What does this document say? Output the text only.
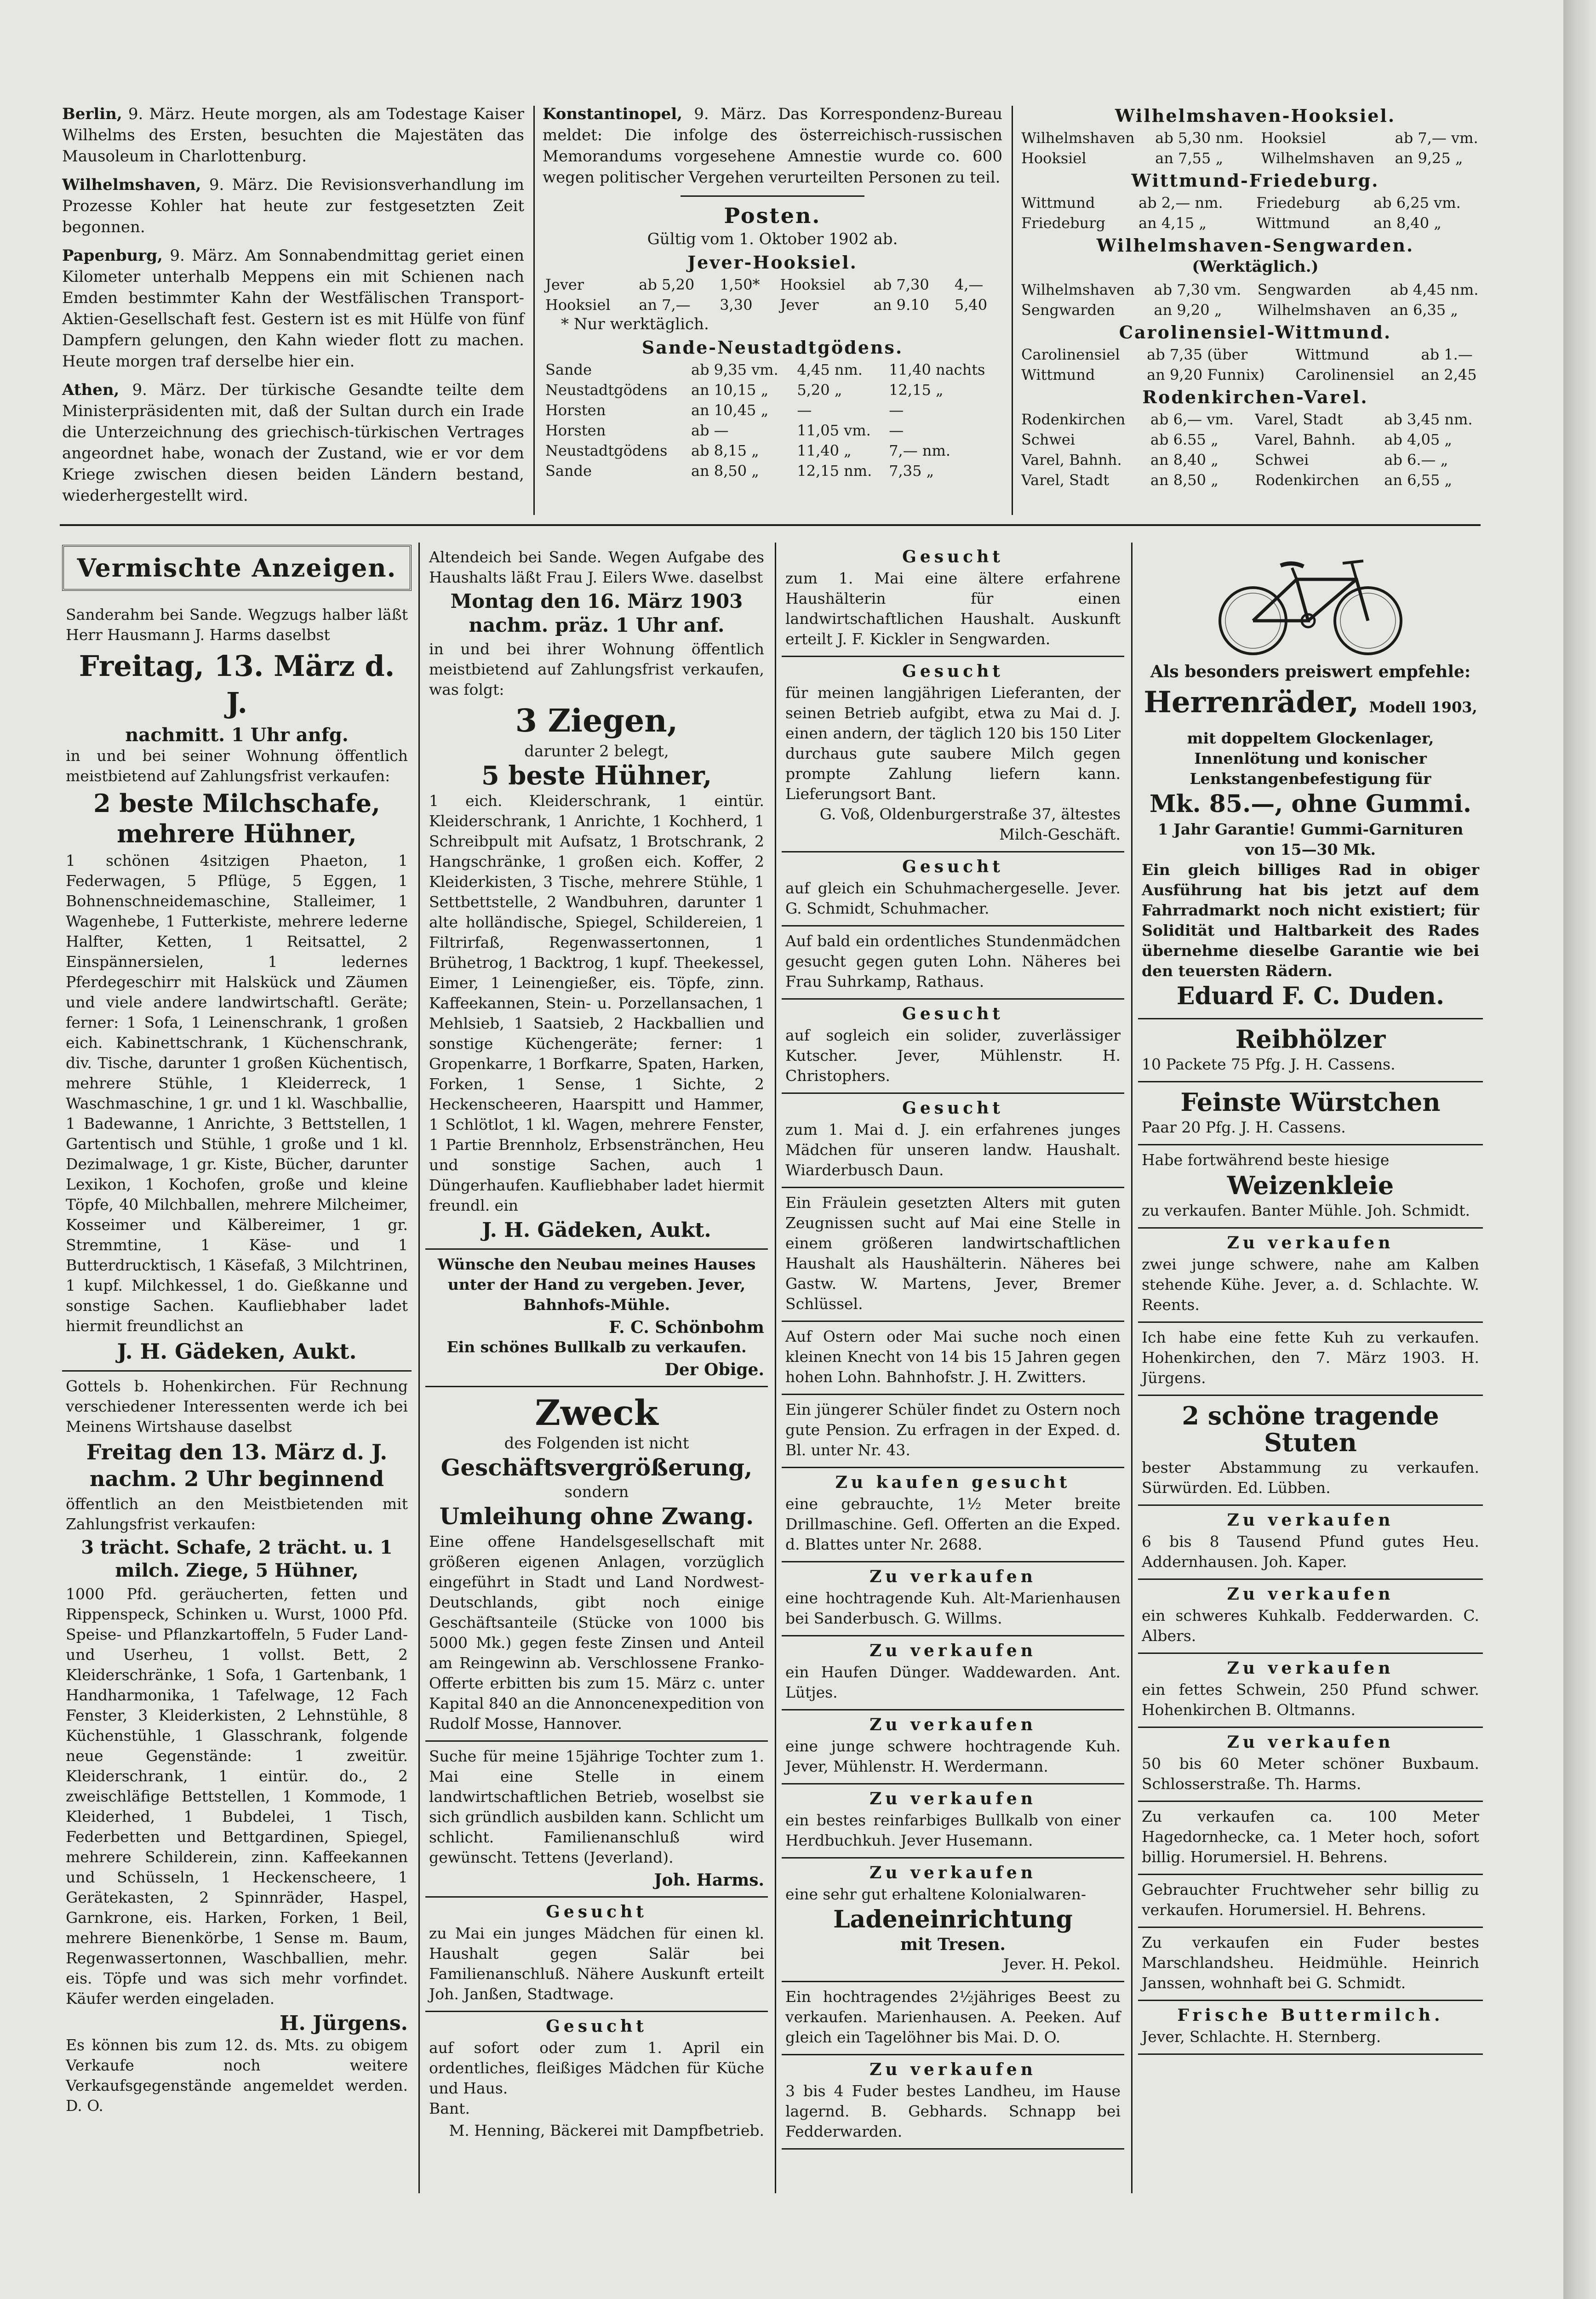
Berlin, 9. März. Heute morgen, als am Todestage Kaiser Wilhelms des Ersten, besuchten die Majestäten das Mausoleum in Charlottenburg.

Wilhelmshaven, 9. März. Die Revisionsverhandlung im Prozesse Kohler hat heute zur festgesetzten Zeit begonnen.

Papenburg, 9. März. Am Sonnabendmittag geriet einen Kilometer unterhalb Meppens ein mit Schienen nach Emden bestimmter Kahn der Westfälischen Transport-Aktien-Gesellschaft fest. Gestern ist es mit Hülfe von fünf Dampfern gelungen, den Kahn wieder flott zu machen. Heute morgen traf derselbe hier ein.

Athen, 9. März. Der türkische Gesandte teilte dem Ministerpräsidenten mit, daß der Sultan durch ein Irade die Unterzeichnung des griechisch-türkischen Vertrages angeordnet habe, wonach der Zustand, wie er vor dem Kriege zwischen diesen beiden Ländern bestand, wiederhergestellt wird.

Konstantinopel, 9. März. Das Korrespondenz-Bureau meldet: Die infolge des österreichisch-russischen Memorandums vorgesehene Amnestie wurde co. 600 wegen politischer Vergehen verurteilten Personen zu teil.

Posten.
Gültig vom 1. Oktober 1902 ab.
Jever-Hooksiel.
Jever	ab 5,20	1,50*	Hooksiel	ab 7,30	4,—
Hooksiel	an 7,—	3,30	Jever	an 9.10	5,40
* Nur werktäglich.
Sande-Neustadtgödens.
Sande	ab 9,35 vm.	4,45 nm.	11,40 nachts
Neustadtgödens	an 10,15 „	5,20 „	12,15 „
Horsten	an 10,45 „	—	—
Horsten	ab —	11,05 vm.	—
Neustadtgödens	ab 8,15 „	11,40 „	7,— nm.
Sande	an 8,50 „	12,15 nm.	7,35 „
Wilhelmshaven-Hooksiel.
Wilhelmshaven	ab 5,30 nm.	Hooksiel	ab 7,— vm.
Hooksiel	an 7,55 „	Wilhelmshaven	an 9,25 „
Wittmund-Friedeburg.
Wittmund	ab 2,— nm.	Friedeburg	ab 6,25 vm.
Friedeburg	an 4,15 „	Wittmund	an 8,40 „
Wilhelmshaven-Sengwarden.
(Werktäglich.)
Wilhelmshaven	ab 7,30 vm.	Sengwarden	ab 4,45 nm.
Sengwarden	an 9,20 „	Wilhelmshaven	an 6,35 „
Carolinensiel-Wittmund.
Carolinensiel	ab 7,35 (über	Wittmund	ab 1.—
Wittmund	an 9,20 Funnix)	Carolinensiel	an 2,45
Rodenkirchen-Varel.
Rodenkirchen	ab 6,— vm.	Varel, Stadt	ab 3,45 nm.
Schwei	ab 6.55 „	Varel, Bahnh.	ab 4,05 „
Varel, Bahnh.	an 8,40 „	Schwei	ab 6.— „
Varel, Stadt	an 8,50 „	Rodenkirchen	an 6,55 „
Vermischte Anzeigen.

Sanderahm bei Sande. Wegzugs halber läßt Herr Hausmann J. Harms daselbst

Freitag, 13. März d. J.
nachmitt. 1 Uhr anfg.

in und bei seiner Wohnung öffentlich meistbietend auf Zahlungsfrist verkaufen:

2 beste Milchschafe, mehrere Hühner,

1 schönen 4sitzigen Phaeton, 1 Federwagen, 5 Pflüge, 5 Eggen, 1 Bohnenschneidemaschine, Stalleimer, 1 Wagenhebe, 1 Futterkiste, mehrere lederne Halfter, Ketten, 1 Reitsattel, 2 Einspännersielen, 1 ledernes Pferdegeschirr mit Halskück und Zäumen und viele andere landwirtschaftl. Geräte; ferner: 1 Sofa, 1 Leinenschrank, 1 großen eich. Kabinettschrank, 1 Küchenschrank, div. Tische, darunter 1 großen Küchentisch, mehrere Stühle, 1 Kleiderreck, 1 Waschmaschine, 1 gr. und 1 kl. Waschballie, 1 Badewanne, 1 Anrichte, 3 Bettstellen, 1 Gartentisch und Stühle, 1 große und 1 kl. Dezimalwage, 1 gr. Kiste, Bücher, darunter Lexikon, 1 Kochofen, große und kleine Töpfe, 40 Milchballen, mehrere Milcheimer, Kosseimer und Kälbereimer, 1 gr. Stremmtine, 1 Käse- und 1 Butterdrucktisch, 1 Käsefaß, 3 Milchtrinen, 1 kupf. Milchkessel, 1 do. Gießkanne und sonstige Sachen. Kaufliebhaber ladet hiermit freundlichst an

J. H. Gädeken, Aukt.

Gottels b. Hohenkirchen. Für Rechnung verschiedener Interessenten werde ich bei Meinens Wirtshause daselbst

Freitag den 13. März d. J. nachm. 2 Uhr beginnend

öffentlich an den Meistbietenden mit Zahlungsfrist verkaufen:

3 trächt. Schafe, 2 trächt. u. 1 milch. Ziege, 5 Hühner,

1000 Pfd. geräucherten, fetten und Rippenspeck, Schinken u. Wurst, 1000 Pfd. Speise- und Pflanzkartoffeln, 5 Fuder Land- und Userheu, 1 vollst. Bett, 2 Kleiderschränke, 1 Sofa, 1 Gartenbank, 1 Handharmonika, 1 Tafelwage, 12 Fach Fenster, 3 Kleiderkisten, 2 Lehnstühle, 8 Küchenstühle, 1 Glasschrank, folgende neue Gegenstände: 1 zweitür. Kleiderschrank, 1 eintür. do., 2 zweischläfige Bettstellen, 1 Kommode, 1 Kleiderhed, 1 Bubdelei, 1 Tisch, Federbetten und Bettgardinen, Spiegel, mehrere Schilderein, zinn. Kaffeekannen und Schüsseln, 1 Heckenscheere, 1 Gerätekasten, 2 Spinnräder, Haspel, Garnkrone, eis. Harken, Forken, 1 Beil, mehrere Bienenkörbe, 1 Sense m. Baum, Regenwassertonnen, Waschballien, mehr. eis. Töpfe und was sich mehr vorfindet. Käufer werden eingeladen.

H. Jürgens.

Es können bis zum 12. ds. Mts. zu obigem Verkaufe noch weitere Verkaufsgegenstände angemeldet werden. D. O.

Altendeich bei Sande. Wegen Aufgabe des Haushalts läßt Frau J. Eilers Wwe. daselbst

Montag den 16. März 1903 nachm. präz. 1 Uhr anf.

in und bei ihrer Wohnung öffentlich meistbietend auf Zahlungsfrist verkaufen, was folgt:

3 Ziegen,
darunter 2 belegt,
5 beste Hühner,

1 eich. Kleiderschrank, 1 eintür. Kleiderschrank, 1 Anrichte, 1 Kochherd, 1 Schreibpult mit Aufsatz, 1 Brotschrank, 2 Hangschränke, 1 großen eich. Koffer, 2 Kleiderkisten, 3 Tische, mehrere Stühle, 1 Settbettstelle, 2 Wandbuhren, darunter 1 alte holländische, Spiegel, Schildereien, 1 Filtrirfaß, Regenwassertonnen, 1 Brühetrog, 1 Backtrog, 1 kupf. Theekessel, Eimer, 1 Leinengießer, eis. Töpfe, zinn. Kaffeekannen, Stein- u. Porzellansachen, 1 Mehlsieb, 1 Saatsieb, 2 Hackballien und sonstige Küchengeräte; ferner: 1 Gropenkarre, 1 Borfkarre, Spaten, Harken, Forken, 1 Sense, 1 Sichte, 2 Heckenscheeren, Haarspitt und Hammer, 1 Schlötlot, 1 kl. Wagen, mehrere Fenster, 1 Partie Brennholz, Erbsenstränchen, Heu und sonstige Sachen, auch 1 Düngerhaufen. Kaufliebhaber ladet hiermit freundl. ein

J. H. Gädeken, Aukt.

Wünsche den Neubau meines Hauses unter der Hand zu vergeben. Jever, Bahnhofs-Mühle.

F. C. Schönbohm

Ein schönes Bullkalb zu verkaufen.

Der Obige.
Zweck
des Folgenden ist nicht
Geschäftsvergrößerung,
sondern
Umleihung ohne Zwang.

Eine offene Handelsgesellschaft mit größeren eigenen Anlagen, vorzüglich eingeführt in Stadt und Land Nordwest-Deutschlands, gibt noch einige Geschäftsanteile (Stücke von 1000 bis 5000 Mk.) gegen feste Zinsen und Anteil am Reingewinn ab. Verschlossene Franko-Offerte erbitten bis zum 15. März c. unter Kapital 840 an die Annoncenexpedition von Rudolf Mosse, Hannover.

Suche für meine 15jährige Tochter zum 1. Mai eine Stelle in einem landwirtschaftlichen Betrieb, woselbst sie sich gründlich ausbilden kann. Schlicht um schlicht. Familienanschluß wird gewünscht. Tettens (Jeverland).

Joh. Harms.
Gesucht

zu Mai ein junges Mädchen für einen kl. Haushalt gegen Salär bei Familienanschluß. Nähere Auskunft erteilt Joh. Janßen, Stadtwage.

Gesucht

auf sofort oder zum 1. April ein ordentliches, fleißiges Mädchen für Küche und Haus.

Bant.

M. Henning, Bäckerei mit Dampfbetrieb.
Gesucht

zum 1. Mai eine ältere erfahrene Haushälterin für einen landwirtschaftlichen Haushalt. Auskunft erteilt J. F. Kickler in Sengwarden.

Gesucht

für meinen langjährigen Lieferanten, der seinen Betrieb aufgibt, etwa zu Mai d. J. einen andern, der täglich 120 bis 150 Liter durchaus gute saubere Milch gegen prompte Zahlung liefern kann. Lieferungsort Bant.

G. Voß, Oldenburgerstraße 37, ältestes Milch-Geschäft.

Gesucht

auf gleich ein Schuhmachergeselle. Jever. G. Schmidt, Schuhmacher.

Auf bald ein ordentliches Stundenmädchen gesucht gegen guten Lohn. Näheres bei Frau Suhrkamp, Rathaus.

Gesucht

auf sogleich ein solider, zuverlässiger Kutscher. Jever, Mühlenstr. H. Christophers.

Gesucht

zum 1. Mai d. J. ein erfahrenes junges Mädchen für unseren landw. Haushalt. Wiarderbusch Daun.

Ein Fräulein gesetzten Alters mit guten Zeugnissen sucht auf Mai eine Stelle in einem größeren landwirtschaftlichen Haushalt als Haushälterin. Näheres bei Gastw. W. Martens, Jever, Bremer Schlüssel.

Auf Ostern oder Mai suche noch einen kleinen Knecht von 14 bis 15 Jahren gegen hohen Lohn. Bahnhofstr. J. H. Zwitters.

Ein jüngerer Schüler findet zu Ostern noch gute Pension. Zu erfragen in der Exped. d. Bl. unter Nr. 43.

Zu kaufen gesucht

eine gebrauchte, 1½ Meter breite Drillmaschine. Gefl. Offerten an die Exped. d. Blattes unter Nr. 2688.

Zu verkaufen

eine hochtragende Kuh. Alt-Marienhausen bei Sanderbusch. G. Willms.

Zu verkaufen

ein Haufen Dünger. Waddewarden. Ant. Lütjes.

Zu verkaufen

eine junge schwere hochtragende Kuh. Jever, Mühlenstr. H. Werdermann.

Zu verkaufen

ein bestes reinfarbiges Bullkalb von einer Herdbuchkuh. Jever Husemann.

Zu verkaufen

eine sehr gut erhaltene Kolonialwaren-

Ladeneinrichtung
mit Tresen.

Jever. H. Pekol.

Ein hochtragendes 2½jähriges Beest zu verkaufen. Marienhausen. A. Peeken. Auf gleich ein Tagelöhner bis Mai. D. O.

Zu verkaufen

3 bis 4 Fuder bestes Landheu, im Hause lagernd. B. Gebhards. Schnapp bei Fedderwarden.

Als besonders preiswert empfehle:
Herrenräder, Modell 1903,

mit doppeltem Glockenlager, Innenlötung und konischer Lenkstangenbefestigung für

Mk. 85.—, ohne Gummi.

1 Jahr Garantie! Gummi-Garnituren von 15—30 Mk.

Ein gleich billiges Rad in obiger Ausführung hat bis jetzt auf dem Fahrradmarkt noch nicht existiert; für Solidität und Haltbarkeit des Rades übernehme dieselbe Garantie wie bei den teuersten Rädern.

Eduard F. C. Duden.
Reibhölzer

10 Packete 75 Pfg. J. H. Cassens.

Feinste Würstchen

Paar 20 Pfg. J. H. Cassens.

Habe fortwährend beste hiesige

Weizenkleie

zu verkaufen. Banter Mühle. Joh. Schmidt.

Zu verkaufen

zwei junge schwere, nahe am Kalben stehende Kühe. Jever, a. d. Schlachte. W. Reents.

Ich habe eine fette Kuh zu verkaufen. Hohenkirchen, den 7. März 1903. H. Jürgens.

2 schöne tragende Stuten

bester Abstammung zu verkaufen. Sürwürden. Ed. Lübben.

Zu verkaufen

6 bis 8 Tausend Pfund gutes Heu. Addernhausen. Joh. Kaper.

Zu verkaufen

ein schweres Kuhkalb. Fedderwarden. C. Albers.

Zu verkaufen

ein fettes Schwein, 250 Pfund schwer. Hohenkirchen B. Oltmanns.

Zu verkaufen

50 bis 60 Meter schöner Buxbaum. Schlosserstraße. Th. Harms.

Zu verkaufen ca. 100 Meter Hagedornhecke, ca. 1 Meter hoch, sofort billig. Horumersiel. H. Behrens.

Gebrauchter Fruchtweher sehr billig zu verkaufen. Horumersiel. H. Behrens.

Zu verkaufen ein Fuder bestes Marschlandsheu. Heidmühle. Heinrich Janssen, wohnhaft bei G. Schmidt.

Frische Buttermilch.

Jever, Schlachte. H. Sternberg.
